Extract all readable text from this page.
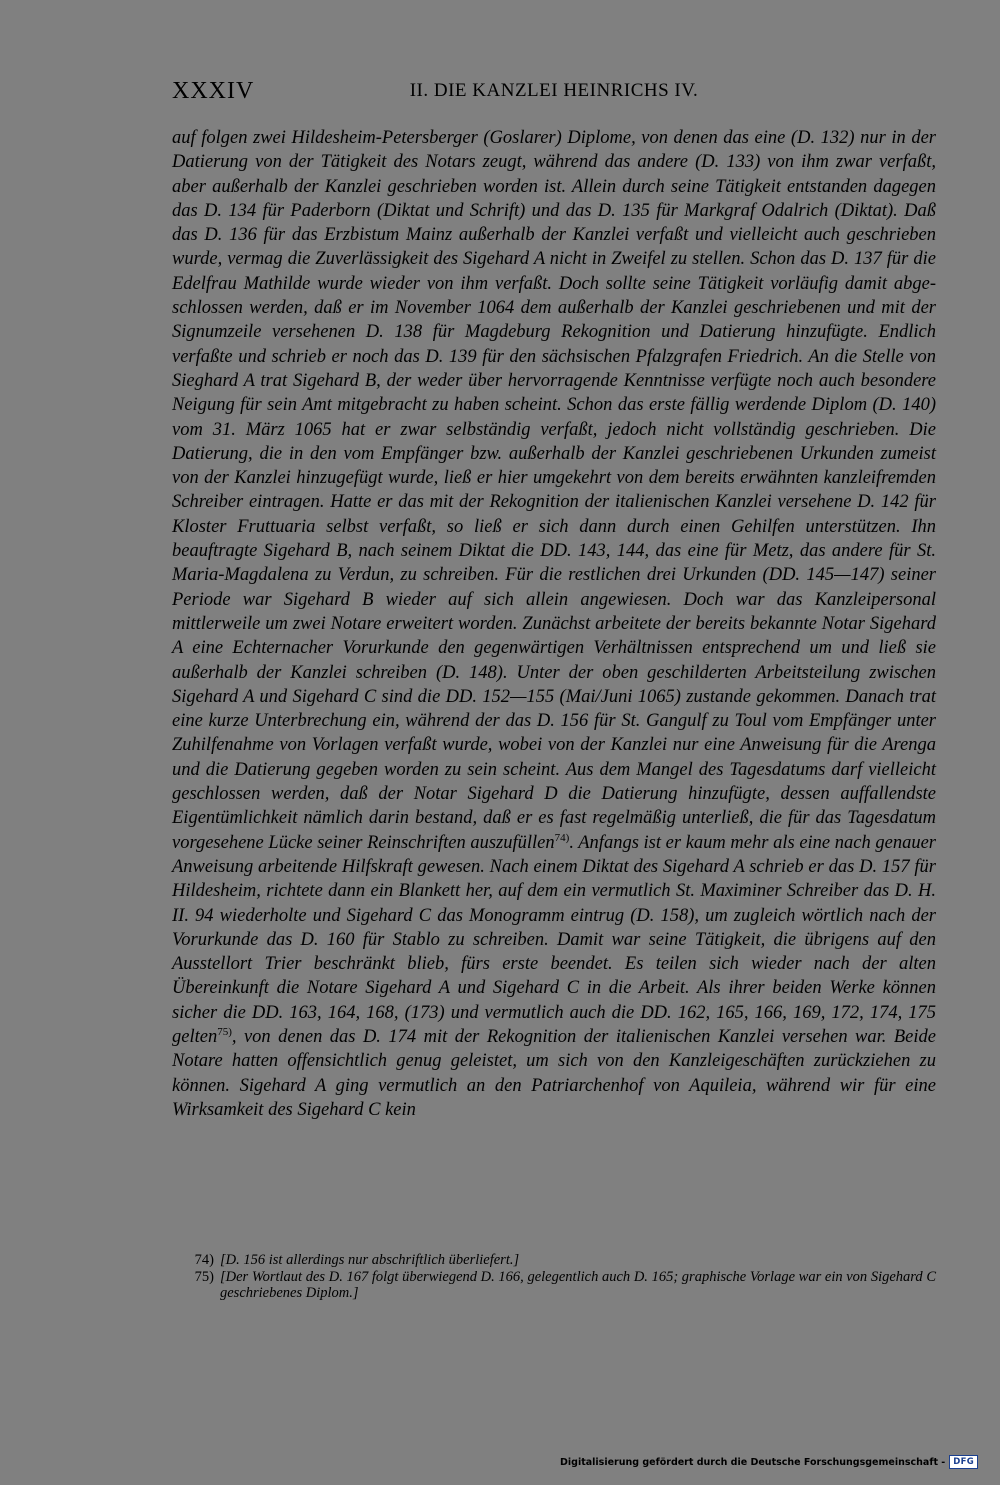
XXXIV	II. DIE KANZLEI HEINRICHS IV.

auf folgen zwei Hildesheim-Petersberger (Goslarer) Diplome, von denen das eine (D. 132) nur in der Datierung von der Tätigkeit des Notars zeugt, während das andere (D. 133) von ihm zwar verfaßt, aber außerhalb der Kanzlei geschrieben worden ist. Allein durch seine Tätigkeit entstanden dagegen das D. 134 für Paderborn (Diktat und Schrift) und das D. 135 für Markgraf Odalrich (Diktat). Daß das D. 136 für das Erzbistum Mainz außerhalb der Kanzlei verfaßt und vielleicht auch geschrieben wurde, vermag die Zuverlässigkeit des Sigehard A nicht in Zweifel zu stellen. Schon das D. 137 für die Edelfrau Mathilde wurde wieder von ihm verfaßt. Doch sollte seine Tätigkeit vorläufig damit abgeschlossen werden, daß er im November 1064 dem außerhalb der Kanzlei geschriebenen und mit der Signumzeile versehenen D. 138 für Magdeburg Rekognition und Datierung hinzufügte. Endlich verfaßte und schrieb er noch das D. 139 für den sächsischen Pfalzgrafen Friedrich. An die Stelle von Sieghard A trat Sigehard B, der weder über hervorragende Kenntnisse verfügte noch auch besondere Neigung für sein Amt mitgebracht zu haben scheint. Schon das erste fällig werdende Diplom (D. 140) vom 31. März 1065 hat er zwar selbständig verfaßt, jedoch nicht vollständig geschrieben. Die Datierung, die in den vom Empfänger bzw. außerhalb der Kanzlei geschriebenen Urkunden zumeist von der Kanzlei hinzugefügt wurde, ließ er hier umgekehrt von dem bereits erwähnten kanzleifremden Schreiber eintragen. Hatte er das mit der Rekognition der italienischen Kanzlei versehene D. 142 für Kloster Fruttuaria selbst verfaßt, so ließ er sich dann durch einen Gehilfen unterstützen. Ihn beauftragte Sigehard B, nach seinem Diktat die DD. 143, 144, das eine für Metz, das andere für St. Maria-Magdalena zu Verdun, zu schreiben. Für die restlichen drei Urkunden (DD. 145—147) seiner Periode war Sigehard B wieder auf sich allein angewiesen. Doch war das Kanzleipersonal mittlerweile um zwei Notare erweitert worden. Zunächst arbeitete der bereits bekannte Notar Sigehard A eine Echternacher Vorurkunde den gegenwärtigen Verhältnissen entsprechend um und ließ sie außerhalb der Kanzlei schreiben (D. 148). Unter der oben geschilderten Arbeitsteilung zwischen Sigehard A und Sigehard C sind die DD. 152—155 (Mai/Juni 1065) zustande gekommen. Danach trat eine kurze Unterbrechung ein, während der das D. 156 für St. Gangulf zu Toul vom Empfänger unter Zuhilfenahme von Vorlagen verfaßt wurde, wobei von der Kanzlei nur eine Anweisung für die Arenga und die Datierung gegeben worden zu sein scheint. Aus dem Mangel des Tagesdatums darf vielleicht geschlossen werden, daß der Notar Sigehard D die Datierung hinzufügte, dessen auffallendste Eigentümlichkeit nämlich darin bestand, daß er es fast regelmäßig unterließ, die für das Tagesdatum vorgesehene Lücke seiner Reinschriften auszufüllen$^{74)}$. Anfangs ist er kaum mehr als eine nach genauer Anweisung arbeitende Hilfskraft gewesen. Nach einem Diktat des Sigehard A schrieb er das D. 157 für Hildesheim, richtete dann ein Blankett her, auf dem ein vermutlich St. Maximiner Schreiber das D. H. II. 94 wiederholte und Sigehard C das Monogramm eintrug (D. 158), um zugleich wörtlich nach der Vorurkunde das D. 160 für Stablo zu schreiben. Damit war seine Tätigkeit, die übrigens auf den Ausstellort Trier beschränkt blieb, fürs erste beendet. Es teilen sich wieder nach der alten Übereinkunft die Notare Sigehard A und Sigehard C in die Arbeit. Als ihrer beiden Werke können sicher die DD. 163, 164, 168, (173) und vermutlich auch die DD. 162, 165, 166, 169, 172, 174, 175 gelten$^{75)}$, von denen das D. 174 mit der Rekognition der italienischen Kanzlei versehen war. Beide Notare hatten offensichtlich genug geleistet, um sich von den Kanzleigeschäften zurückziehen zu können. Sigehard A ging vermutlich an den Patriarchenhof von Aquileia, während wir für eine Wirksamkeit des Sigehard C kein

74) [D. 156 ist allerdings nur abschriftlich überliefert.]
75) [Der Wortlaut des D. 167 folgt überwiegend D. 166, gelegentlich auch D. 165; graphische Vorlage war ein von Sigehard C geschriebenes Diplom.]
Digitalisierung gefördert durch die Deutsche Forschungsgemeinschaft - DFG
